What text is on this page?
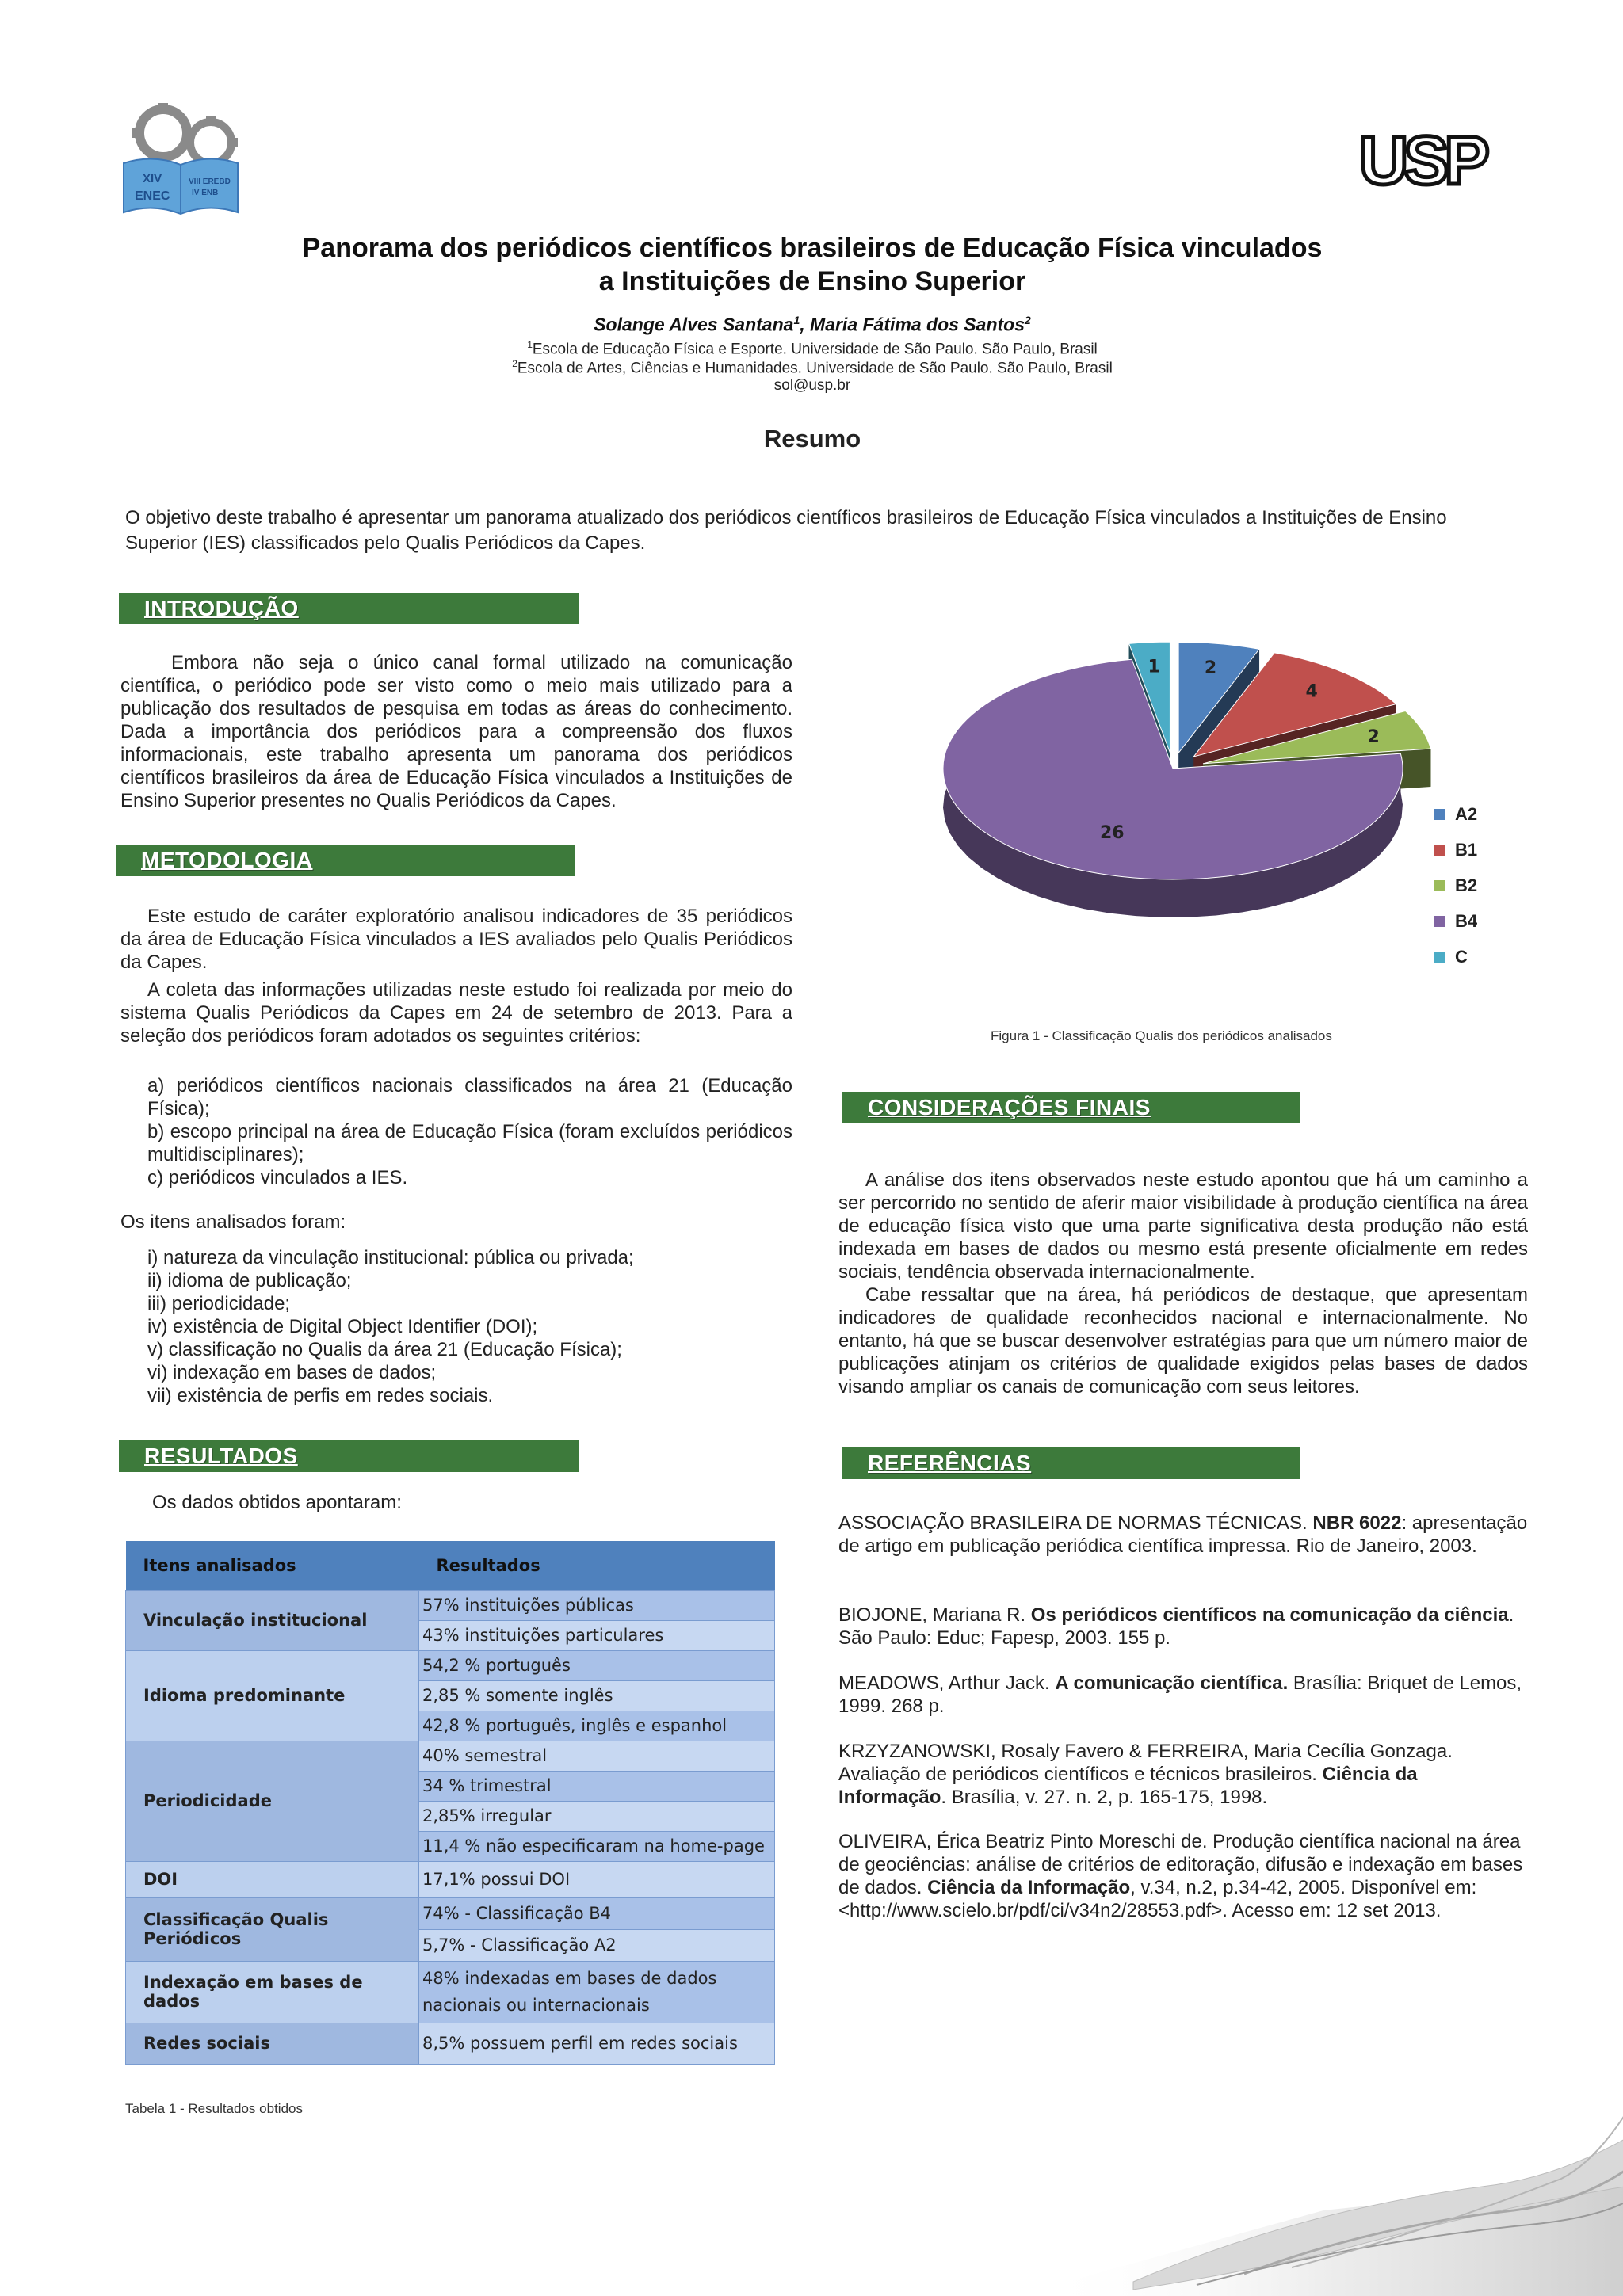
XIV
ENEC
VIII EREBD
IV ENB	USP
Panorama dos periódicos científicos brasileiros de Educação Física vinculados
a Instituições de Ensino Superior
Solange Alves Santana$^1$, Maria Fátima dos Santos$^2$
$^1$Escola de Educação Física e Esporte. Universidade de São Paulo. São Paulo, Brasil
$^2$Escola de Artes, Ciências e Humanidades. Universidade de São Paulo. São Paulo, Brasil
sol@usp.br
Resumo
O objetivo deste trabalho é apresentar um panorama atualizado dos periódicos científicos brasileiros de Educação Física vinculados a Instituições de Ensino Superior (IES) classificados pelo Qualis Periódicos da Capes.
INTRODUÇÃO

Embora não seja o único canal formal utilizado na comunicação científica, o periódico pode ser visto como o meio mais utilizado para a publicação dos resultados de pesquisa em todas as áreas do conhecimento. Dada a importância dos periódicos para a compreensão dos fluxos informacionais, este trabalho apresenta um panorama dos periódicos científicos brasileiros da área de Educação Física vinculados a Instituições de Ensino Superior presentes no Qualis Periódicos da Capes.

METODOLOGIA

Este estudo de caráter exploratório analisou indicadores de 35 periódicos da área de Educação Física vinculados a IES avaliados pelo Qualis Periódicos da Capes.

A coleta das informações utilizadas neste estudo foi realizada por meio do sistema Qualis Periódicos da Capes em 24 de setembro de 2013. Para a seleção dos periódicos foram adotados os seguintes critérios:

a) periódicos científicos nacionais classificados na área 21 (Educação Física);
b) escopo principal na área de Educação Física (foram excluídos periódicos multidisciplinares);
c) periódicos vinculados a IES.
Os itens analisados foram:
i) natureza da vinculação institucional: pública ou privada;
ii) idioma de publicação;
iii) periodicidade;
iv) existência de Digital Object Identifier (DOI);
v) classificação no Qualis da área 21 (Educação Física);
vi) indexação em bases de dados;
vii) existência de perfis em redes sociais.
RESULTADOS
Os dados obtidos apontaram:
Itens analisados	Resultados
Vinculação institucional	57% instituições públicas
	43% instituições particulares
Idioma predominante	54,2 % português
	2,85 % somente inglês
	42,8 % português, inglês e espanhol
Periodicidade	40% semestral
	34 % trimestral
	2,85% irregular
	11,4 % não especificaram na home-page
DOI	17,1% possui DOI
Classificação Qualis Periódicos	74% - Classificação B4
	5,7% - Classificação A2
Indexação em bases de dados	48% indexadas em bases de dados nacionais ou internacionais
Redes sociais	8,5% possuem perfil em redes sociais
Tabela 1 - Resultados obtidos
2
4
2
26
1
A2
B1
B2
B4
C
Figura 1 - Classificação Qualis dos periódicos analisados
CONSIDERAÇÕES FINAIS

A análise dos itens observados neste estudo apontou que há um caminho a ser percorrido no sentido de aferir maior visibilidade à produção científica na área de educação física visto que uma parte significativa desta produção não está indexada em bases de dados ou mesmo está presente oficialmente em redes sociais, tendência observada internacionalmente.

Cabe ressaltar que na área, há periódicos de destaque, que apresentam indicadores de qualidade reconhecidos nacional e internacionalmente. No entanto, há que se buscar desenvolver estratégias para que um número maior de publicações atinjam os critérios de qualidade exigidos pelas bases de dados visando ampliar os canais de comunicação com seus leitores.

REFERÊNCIAS
ASSOCIAÇÃO BRASILEIRA DE NORMAS TÉCNICAS. NBR 6022: apresentação de artigo em publicação periódica científica impressa. Rio de Janeiro, 2003.
BIOJONE, Mariana R. Os periódicos científicos na comunicação da ciência. São Paulo: Educ; Fapesp, 2003. 155 p.
MEADOWS, Arthur Jack. A comunicação científica. Brasília: Briquet de Lemos, 1999. 268 p.
KRZYZANOWSKI, Rosaly Favero & FERREIRA, Maria Cecília Gonzaga. Avaliação de periódicos científicos e técnicos brasileiros. Ciência da Informação. Brasília, v. 27. n. 2, p. 165-175, 1998.
OLIVEIRA, Érica Beatriz Pinto Moreschi de. Produção científica nacional na área de geociências: análise de critérios de editoração, difusão e indexação em bases de dados. Ciência da Informação, v.34, n.2, p.34-42, 2005. Disponível em: <http://www.scielo.br/pdf/ci/v34n2/28553.pdf>. Acesso em: 12 set 2013.
